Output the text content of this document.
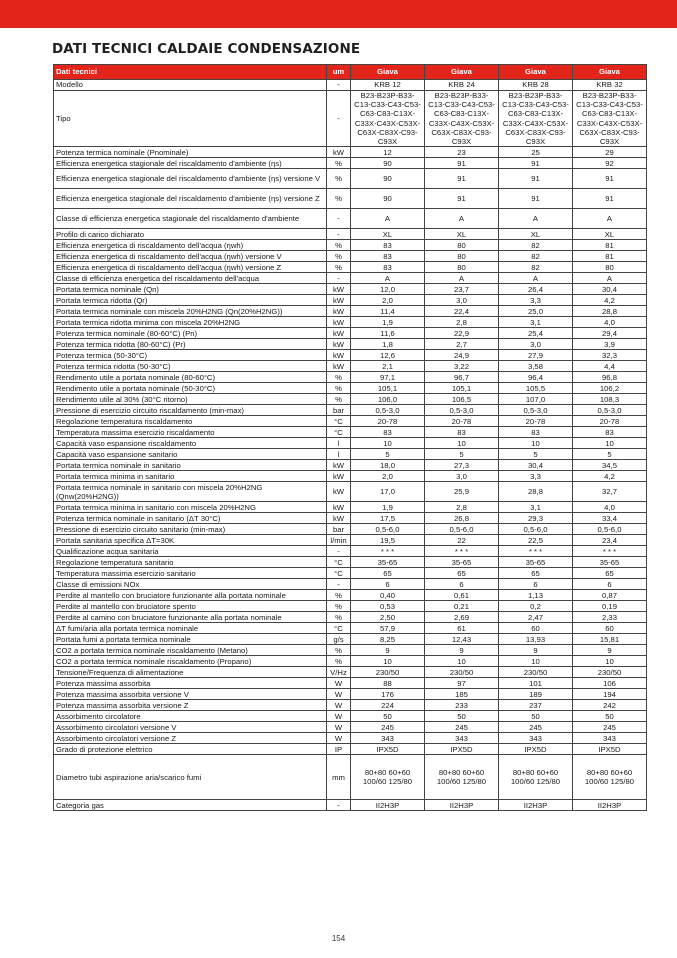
DATI TECNICI CALDAIE CONDENSAZIONE
Dati tecnici	um	Giava	Giava	Giava	Giava
Modello	-	KRB 12	KRB 24	KRB 28	KRB 32
Tipo	-	B23-B23P-B33-C13-C33-C43-C53-C63-C83-C13X-C33X-C43X-C53X-C63X-C83X-C93-C93X	B23-B23P-B33-C13-C33-C43-C53-C63-C83-C13X-C33X-C43X-C53X-C63X-C83X-C93-C93X	B23-B23P-B33-C13-C33-C43-C53-C63-C83-C13X-C33X-C43X-C53X-C63X-C83X-C93-C93X	B23-B23P-B33-C13-C33-C43-C53-C63-C83-C13X-C33X-C43X-C53X-C63X-C83X-C93-C93X
Potenza termica nominale (Pnominale)	kW	12	23	25	29
Efficienza energetica stagionale del riscaldamento d'ambiente (ηs)	%	90	91	91	92
Efficienza energetica stagionale del riscaldamento d'ambiente (ηs) versione V	%	90	91	91	91
Efficienza energetica stagionale del riscaldamento d'ambiente (ηs) versione Z	%	90	91	91	91
Classe di efficienza energetica stagionale del riscaldamento d'ambiente	-	A	A	A	A
Profilo di carico dichiarato	-	XL	XL	XL	XL
Efficienza energetica di riscaldamento dell'acqua (ηwh)	%	83	80	82	81
Efficienza energetica di riscaldamento dell'acqua (ηwh) versione V	%	83	80	82	81
Efficienza energetica di riscaldamento dell'acqua (ηwh) versione Z	%	83	80	82	80
Classe di efficienza energetica del riscaldamento dell'acqua	-	A	A	A	A
Portata termica nominale (Qn)	kW	12,0	23,7	26,4	30,4
Portata termica ridotta (Qr)	kW	2,0	3,0	3,3	4,2
Portata termica nominale con miscela 20%H2NG (Qn(20%H2NG))	kW	11,4	22,4	25,0	28,8
Portata termica ridotta minima con miscela 20%H2NG	kW	1,9	2,8	3,1	4,0
Potenza termica nominale (80-60°C) (Pn)	kW	11,6	22,9	25,4	29,4
Potenza termica ridotta (80-60°C) (Pr)	kW	1,8	2,7	3,0	3,9
Potenza termica (50-30°C)	kW	12,6	24,9	27,9	32,3
Potenza termica ridotta (50-30°C)	kW	2,1	3,22	3,58	4,4
Rendimento utile a portata nominale (80-60°C)	%	97,1	96,7	96,4	96,8
Rendimento utile a portata nominale (50-30°C)	%	105,1	105,1	105,5	106,2
Rendimento utile al 30% (30°C ritorno)	%	106,0	106,5	107,0	108,3
Pressione di esercizio circuito riscaldamento (min-max)	bar	0,5-3,0	0,5-3,0	0,5-3,0	0,5-3,0
Regolazione temperatura riscaldamento	°C	20-78	20-78	20-78	20-78
Temperatura massima esercizio riscaldamento	°C	83	83	83	83
Capacità vaso espansione riscaldamento	l	10	10	10	10
Capacità vaso espansione sanitario	l	5	5	5	5
Portata termica nominale in sanitario	kW	18,0	27,3	30,4	34,5
Portata termica minima in sanitario	kW	2,0	3,0	3,3	4,2
Portata termica nominale in sanitario con miscela 20%H2NG (Qnw(20%H2NG))	kW	17,0	25,9	28,8	32,7
Portata termica minima in sanitario con miscela 20%H2NG	kW	1,9	2,8	3,1	4,0
Potenza termica nominale in sanitario (ΔT 30°C)	kW	17,5	26,8	29,3	33,4
Pressione di esercizio circuito sanitario (min-max)	bar	0,5-6,0	0,5-6,0	0,5-6,0	0,5-6,0
Portata sanitaria specifica ΔT=30K	l/min	19,5	22	22,5	23,4
Qualificazione acqua sanitaria	-	* * *	* * *	* * *	* * *
Regolazione temperatura sanitario	°C	35-65	35-65	35-65	35-65
Temperatura massima esercizio sanitario	°C	65	65	65	65
Classe di emissioni NOx	-	6	6	6	6
Perdite al mantello con bruciatore funzionante alla portata nominale	%	0,40	0,61	1,13	0,87
Perdite al mantello con bruciatore spento	%	0,53	0,21	0,2	0,19
Perdite al camino con bruciatore funzionante alla portata nominale	%	2,50	2,69	2,47	2,33
ΔT fumi/aria alla portata termica nominale	°C	57,9	61	60	60
Portata fumi a portata termica nominale	g/s	8,25	12,43	13,93	15,81
CO2 a portata termica nominale riscaldamento (Metano)	%	9	9	9	9
CO2 a portata termica nominale riscaldamento (Propano)	%	10	10	10	10
Tensione/Frequenza di alimentazione	V/Hz	230/50	230/50	230/50	230/50
Potenza massima assorbita	W	88	97	101	106
Potenza massima assorbita versione V	W	176	185	189	194
Potenza massima assorbita versione Z	W	224	233	237	242
Assorbimento circolatore	W	50	50	50	50
Assorbimento circolatori versione V	W	245	245	245	245
Assorbimento circolatori versione Z	W	343	343	343	343
Grado di protezione elettrico	IP	IPX5D	IPX5D	IPX5D	IPX5D
Diametro tubi aspirazione aria/scarico fumi	mm	80+80 60+60 100/60 125/80	80+80 60+60 100/60 125/80	80+80 60+60 100/60 125/80	80+80 60+60 100/60 125/80
Categoria gas	-	II2H3P	II2H3P	II2H3P	II2H3P
154
